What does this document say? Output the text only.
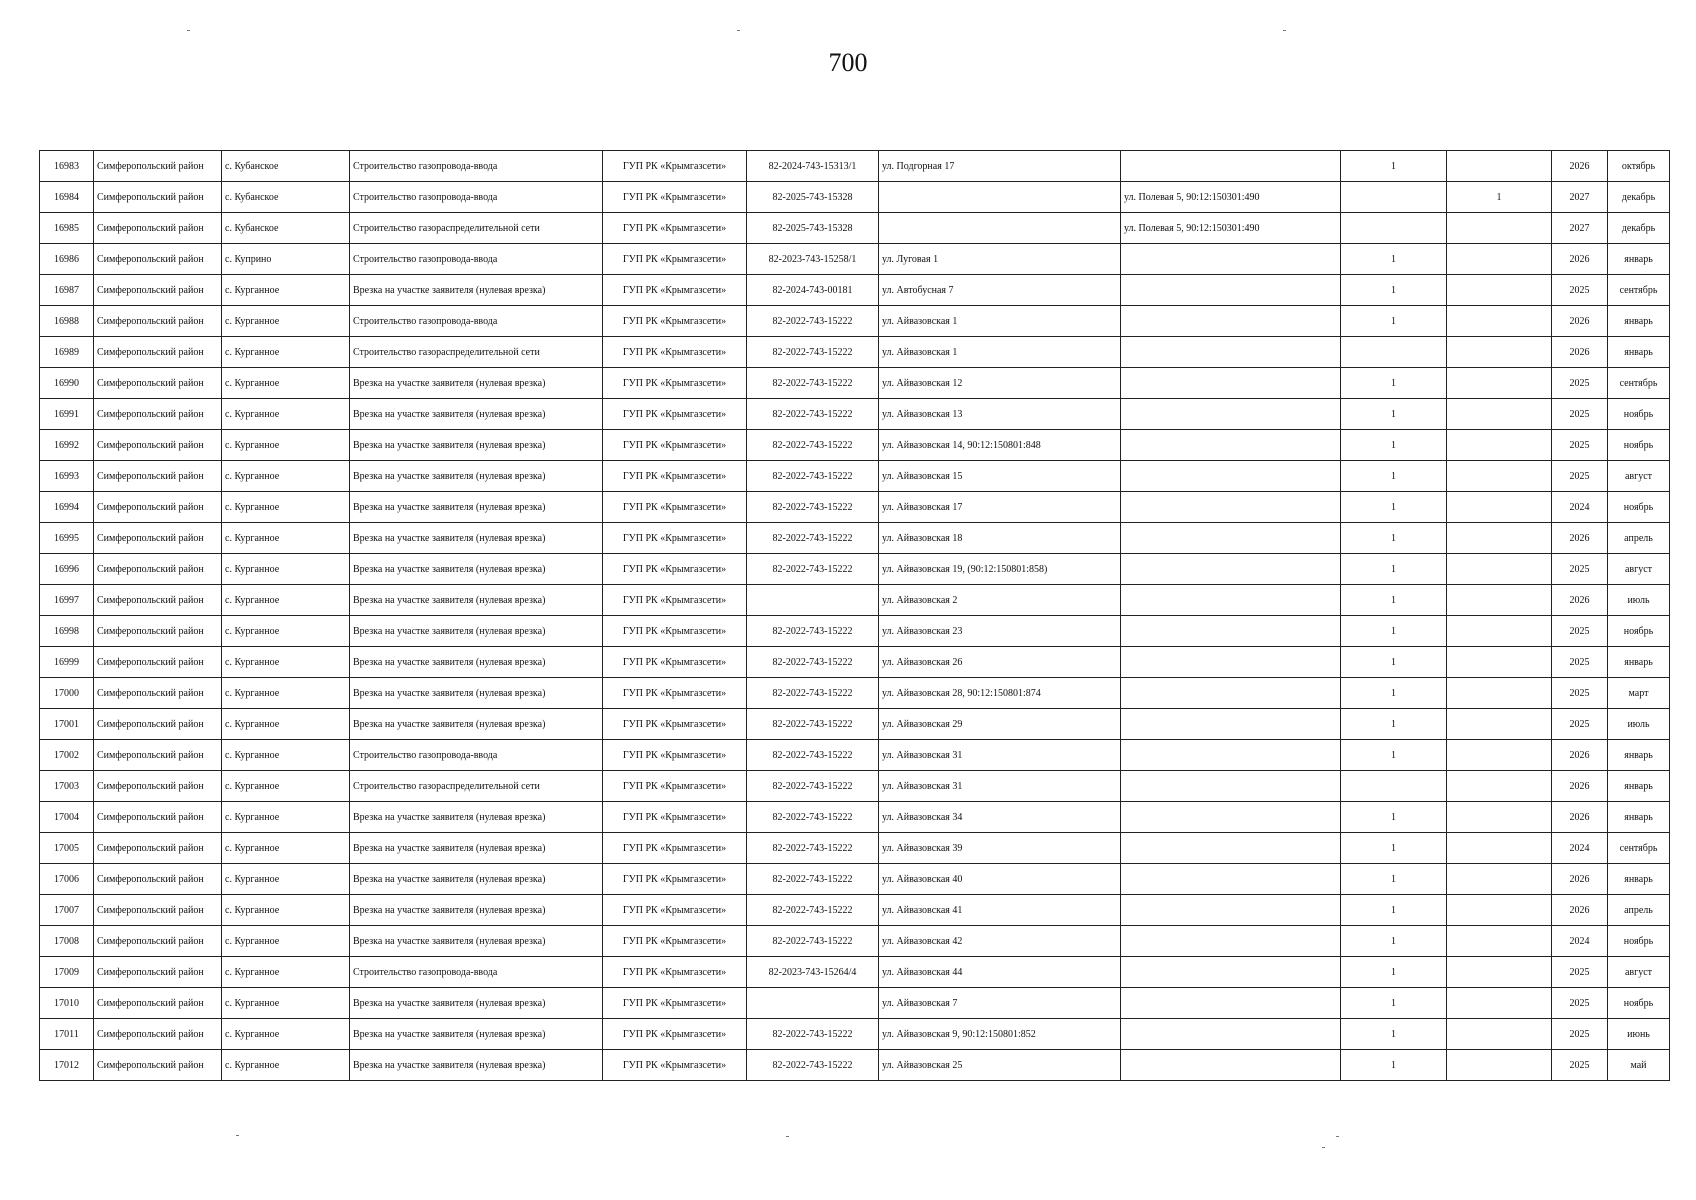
700
16983	Симферопольский район	с. Кубанское	Строительство газопровода-ввода	ГУП РК «Крымгазсети»	82-2024-743-15313/1	ул. Подгорная 17		1		2026	октябрь
16984	Симферопольский район	с. Кубанское	Строительство газопровода-ввода	ГУП РК «Крымгазсети»	82-2025-743-15328		ул. Полевая 5, 90:12:150301:490		1	2027	декабрь
16985	Симферопольский район	с. Кубанское	Строительство газораспределительной сети	ГУП РК «Крымгазсети»	82-2025-743-15328		ул. Полевая 5, 90:12:150301:490			2027	декабрь
16986	Симферопольский район	с. Куприно	Строительство газопровода-ввода	ГУП РК «Крымгазсети»	82-2023-743-15258/1	ул. Луговая 1		1		2026	январь
16987	Симферопольский район	с. Курганное	Врезка на участке заявителя (нулевая врезка)	ГУП РК «Крымгазсети»	82-2024-743-00181	ул. Автобусная 7		1		2025	сентябрь
16988	Симферопольский район	с. Курганное	Строительство газопровода-ввода	ГУП РК «Крымгазсети»	82-2022-743-15222	ул. Айвазовская 1		1		2026	январь
16989	Симферопольский район	с. Курганное	Строительство газораспределительной сети	ГУП РК «Крымгазсети»	82-2022-743-15222	ул. Айвазовская 1				2026	январь
16990	Симферопольский район	с. Курганное	Врезка на участке заявителя (нулевая врезка)	ГУП РК «Крымгазсети»	82-2022-743-15222	ул. Айвазовская 12		1		2025	сентябрь
16991	Симферопольский район	с. Курганное	Врезка на участке заявителя (нулевая врезка)	ГУП РК «Крымгазсети»	82-2022-743-15222	ул. Айвазовская 13		1		2025	ноябрь
16992	Симферопольский район	с. Курганное	Врезка на участке заявителя (нулевая врезка)	ГУП РК «Крымгазсети»	82-2022-743-15222	ул. Айвазовская 14, 90:12:150801:848		1		2025	ноябрь
16993	Симферопольский район	с. Курганное	Врезка на участке заявителя (нулевая врезка)	ГУП РК «Крымгазсети»	82-2022-743-15222	ул. Айвазовская 15		1		2025	август
16994	Симферопольский район	с. Курганное	Врезка на участке заявителя (нулевая врезка)	ГУП РК «Крымгазсети»	82-2022-743-15222	ул. Айвазовская 17		1		2024	ноябрь
16995	Симферопольский район	с. Курганное	Врезка на участке заявителя (нулевая врезка)	ГУП РК «Крымгазсети»	82-2022-743-15222	ул. Айвазовская 18		1		2026	апрель
16996	Симферопольский район	с. Курганное	Врезка на участке заявителя (нулевая врезка)	ГУП РК «Крымгазсети»	82-2022-743-15222	ул. Айвазовская 19, (90:12:150801:858)		1		2025	август
16997	Симферопольский район	с. Курганное	Врезка на участке заявителя (нулевая врезка)	ГУП РК «Крымгазсети»		ул. Айвазовская 2		1		2026	июль
16998	Симферопольский район	с. Курганное	Врезка на участке заявителя (нулевая врезка)	ГУП РК «Крымгазсети»	82-2022-743-15222	ул. Айвазовская 23		1		2025	ноябрь
16999	Симферопольский район	с. Курганное	Врезка на участке заявителя (нулевая врезка)	ГУП РК «Крымгазсети»	82-2022-743-15222	ул. Айвазовская 26		1		2025	январь
17000	Симферопольский район	с. Курганное	Врезка на участке заявителя (нулевая врезка)	ГУП РК «Крымгазсети»	82-2022-743-15222	ул. Айвазовская 28, 90:12:150801:874		1		2025	март
17001	Симферопольский район	с. Курганное	Врезка на участке заявителя (нулевая врезка)	ГУП РК «Крымгазсети»	82-2022-743-15222	ул. Айвазовская 29		1		2025	июль
17002	Симферопольский район	с. Курганное	Строительство газопровода-ввода	ГУП РК «Крымгазсети»	82-2022-743-15222	ул. Айвазовская 31		1		2026	январь
17003	Симферопольский район	с. Курганное	Строительство газораспределительной сети	ГУП РК «Крымгазсети»	82-2022-743-15222	ул. Айвазовская 31				2026	январь
17004	Симферопольский район	с. Курганное	Врезка на участке заявителя (нулевая врезка)	ГУП РК «Крымгазсети»	82-2022-743-15222	ул. Айвазовская 34		1		2026	январь
17005	Симферопольский район	с. Курганное	Врезка на участке заявителя (нулевая врезка)	ГУП РК «Крымгазсети»	82-2022-743-15222	ул. Айвазовская 39		1		2024	сентябрь
17006	Симферопольский район	с. Курганное	Врезка на участке заявителя (нулевая врезка)	ГУП РК «Крымгазсети»	82-2022-743-15222	ул. Айвазовская 40		1		2026	январь
17007	Симферопольский район	с. Курганное	Врезка на участке заявителя (нулевая врезка)	ГУП РК «Крымгазсети»	82-2022-743-15222	ул. Айвазовская 41		1		2026	апрель
17008	Симферопольский район	с. Курганное	Врезка на участке заявителя (нулевая врезка)	ГУП РК «Крымгазсети»	82-2022-743-15222	ул. Айвазовская 42		1		2024	ноябрь
17009	Симферопольский район	с. Курганное	Строительство газопровода-ввода	ГУП РК «Крымгазсети»	82-2023-743-15264/4	ул. Айвазовская 44		1		2025	август
17010	Симферопольский район	с. Курганное	Врезка на участке заявителя (нулевая врезка)	ГУП РК «Крымгазсети»		ул. Айвазовская 7		1		2025	ноябрь
17011	Симферопольский район	с. Курганное	Врезка на участке заявителя (нулевая врезка)	ГУП РК «Крымгазсети»	82-2022-743-15222	ул. Айвазовская 9, 90:12:150801:852		1		2025	июнь
17012	Симферопольский район	с. Курганное	Врезка на участке заявителя (нулевая врезка)	ГУП РК «Крымгазсети»	82-2022-743-15222	ул. Айвазовская 25		1		2025	май
